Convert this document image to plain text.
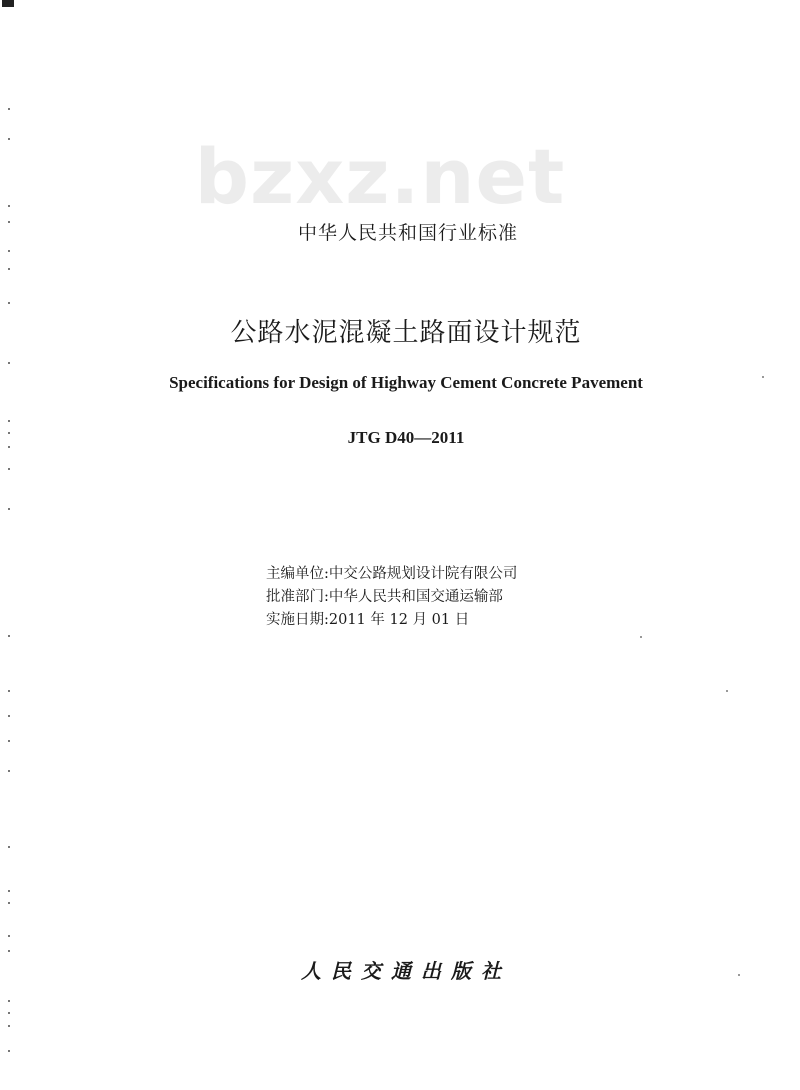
bzxz.net
中华人民共和国行业标准
公路水泥混凝土路面设计规范
Specifications for Design of Highway Cement Concrete Pavement
JTG D40—2011
主编单位:中交公路规划设计院有限公司
批准部门:中华人民共和国交通运输部
实施日期:2011 年 12 月 01 日
人民交通出版社
